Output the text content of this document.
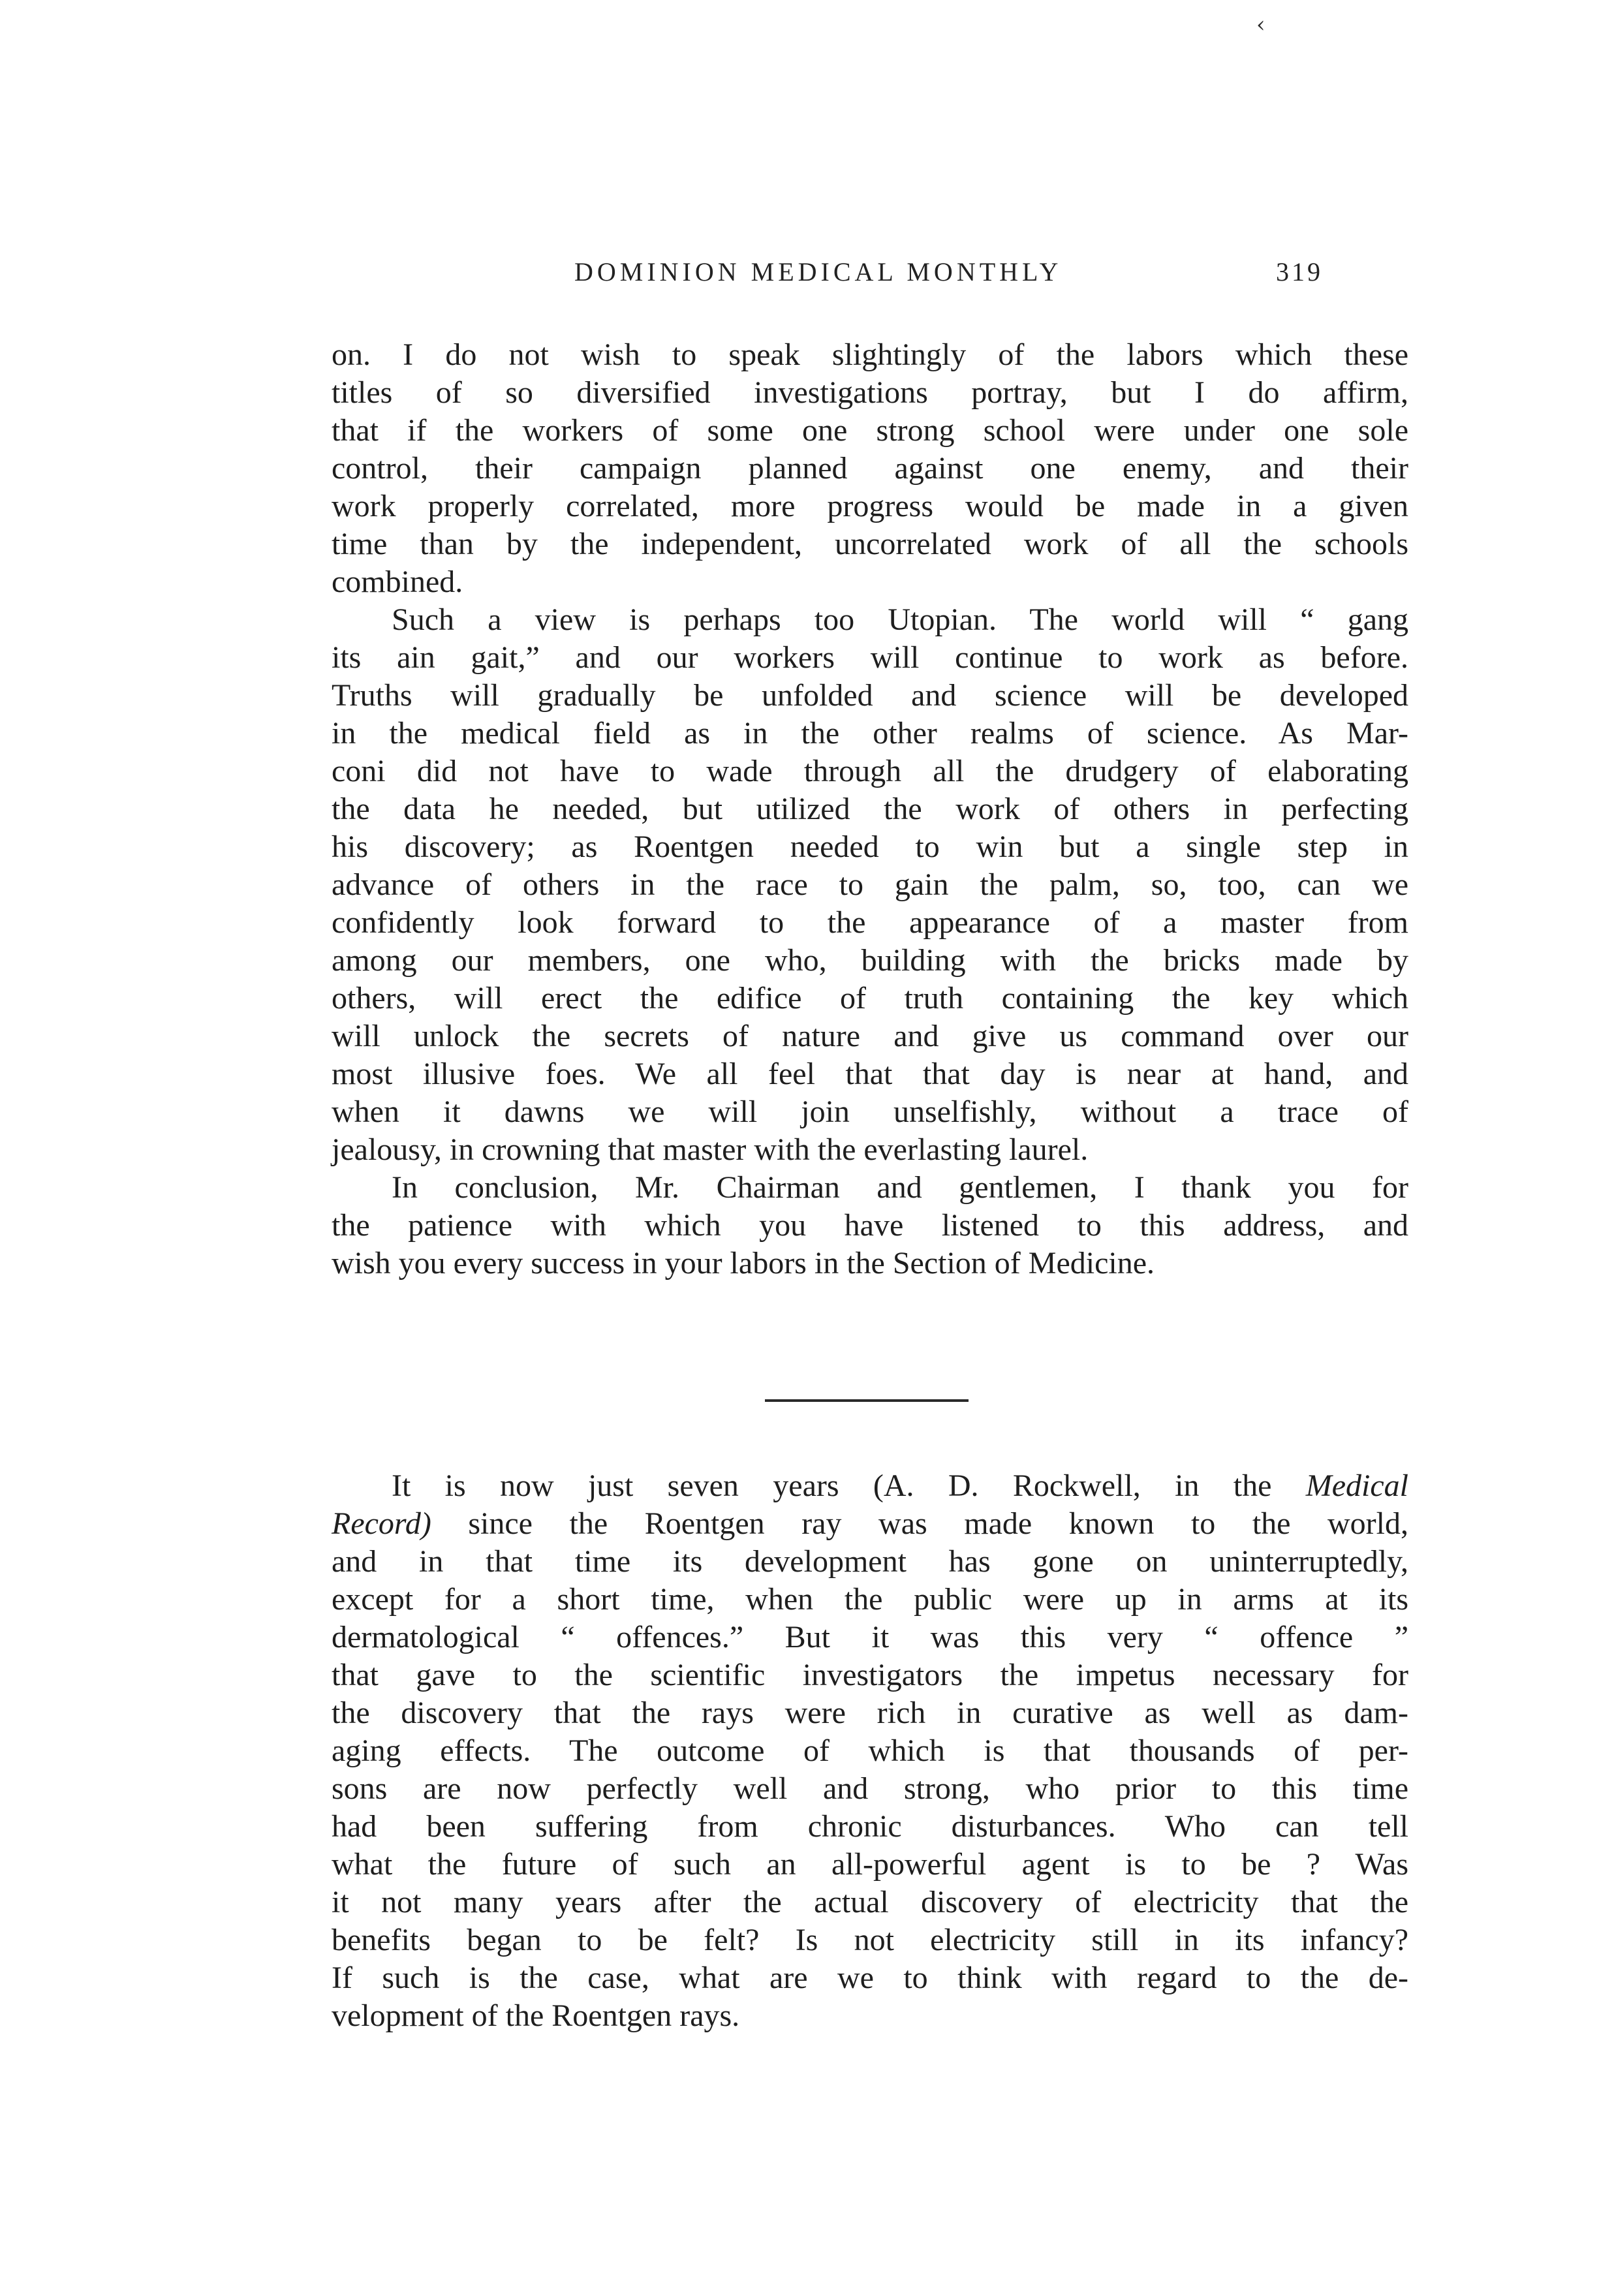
‹
DOMINION MEDICAL MONTHLY	319
on. I do not wish to speak slightingly of the labors which these
titles of so diversified investigations portray, but I do affirm,
that if the workers of some one strong school were under one sole
control, their campaign planned against one enemy, and their
work properly correlated, more progress would be made in a given
time than by the independent, uncorrelated work of all the schools
combined.
Such a view is perhaps too Utopian. The world will “ gang
its ain gait,” and our workers will continue to work as before.
Truths will gradually be unfolded and science will be developed
in the medical field as in the other realms of science. As Mar-
coni did not have to wade through all the drudgery of elaborating
the data he needed, but utilized the work of others in perfecting
his discovery; as Roentgen needed to win but a single step in
advance of others in the race to gain the palm, so, too, can we
confidently look forward to the appearance of a master from
among our members, one who, building with the bricks made by
others, will erect the edifice of truth containing the key which
will unlock the secrets of nature and give us command over our
most illusive foes. We all feel that that day is near at hand, and
when it dawns we will join unselfishly, without a trace of
jealousy, in crowning that master with the everlasting laurel.
In conclusion, Mr. Chairman and gentlemen, I thank you for
the patience with which you have listened to this address, and
wish you every success in your labors in the Section of Medicine.
It is now just seven years (A. D. Rockwell, in the Medical
Record) since the Roentgen ray was made known to the world,
and in that time its development has gone on uninterruptedly,
except for a short time, when the public were up in arms at its
dermatological “ offences.” But it was this very “ offence ”
that gave to the scientific investigators the impetus necessary for
the discovery that the rays were rich in curative as well as dam-
aging effects. The outcome of which is that thousands of per-
sons are now perfectly well and strong, who prior to this time
had been suffering from chronic disturbances. Who can tell
what the future of such an all-powerful agent is to be ? Was
it not many years after the actual discovery of electricity that the
benefits began to be felt? Is not electricity still in its infancy?
If such is the case, what are we to think with regard to the de-
velopment of the Roentgen rays.
